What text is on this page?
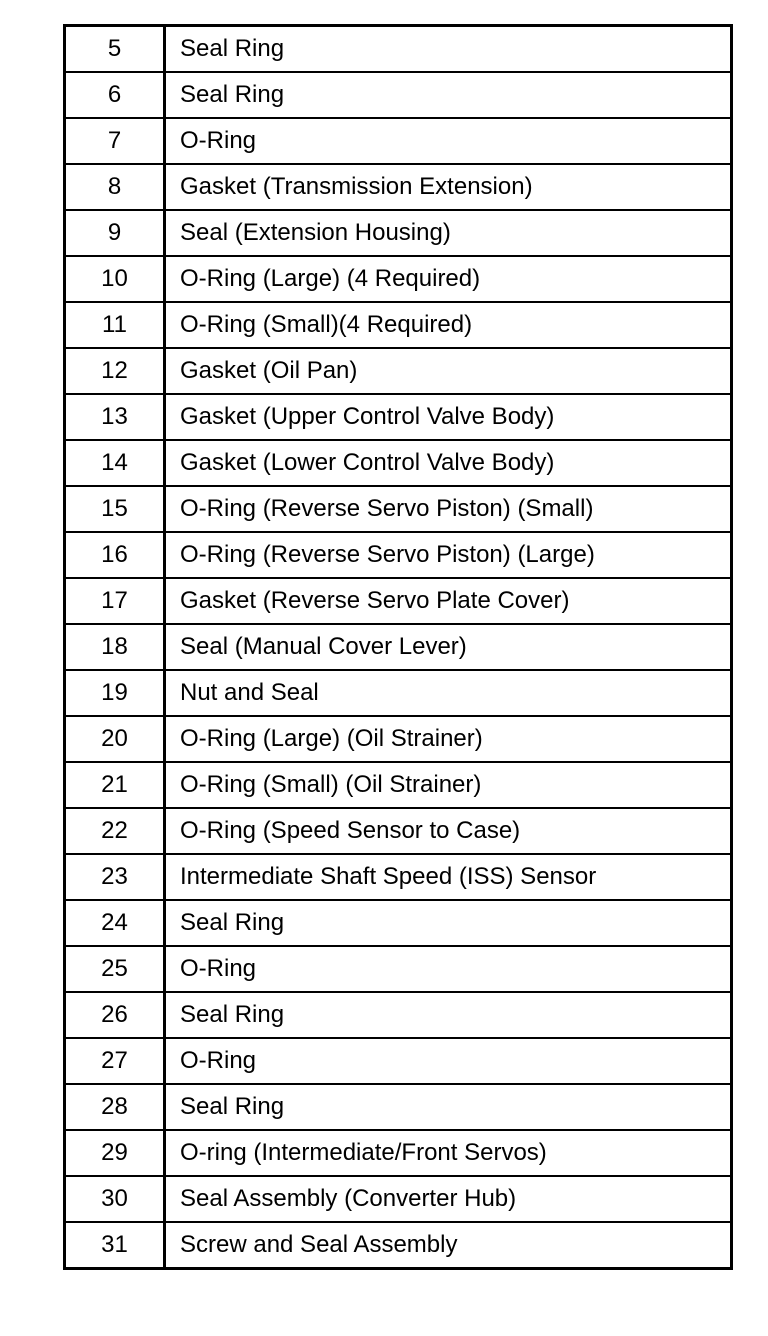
5	Seal Ring
6	Seal Ring
7	O-Ring
8	Gasket (Transmission Extension)
9	Seal (Extension Housing)
10	O-Ring (Large) (4 Required)
11	O-Ring (Small)(4 Required)
12	Gasket (Oil Pan)
13	Gasket (Upper Control Valve Body)
14	Gasket (Lower Control Valve Body)
15	O-Ring (Reverse Servo Piston) (Small)
16	O-Ring (Reverse Servo Piston) (Large)
17	Gasket (Reverse Servo Plate Cover)
18	Seal (Manual Cover Lever)
19	Nut and Seal
20	O-Ring (Large) (Oil Strainer)
21	O-Ring (Small) (Oil Strainer)
22	O-Ring (Speed Sensor to Case)
23	Intermediate Shaft Speed (ISS) Sensor
24	Seal Ring
25	O-Ring
26	Seal Ring
27	O-Ring
28	Seal Ring
29	O-ring (Intermediate/Front Servos)
30	Seal Assembly (Converter Hub)
31	Screw and Seal Assembly
